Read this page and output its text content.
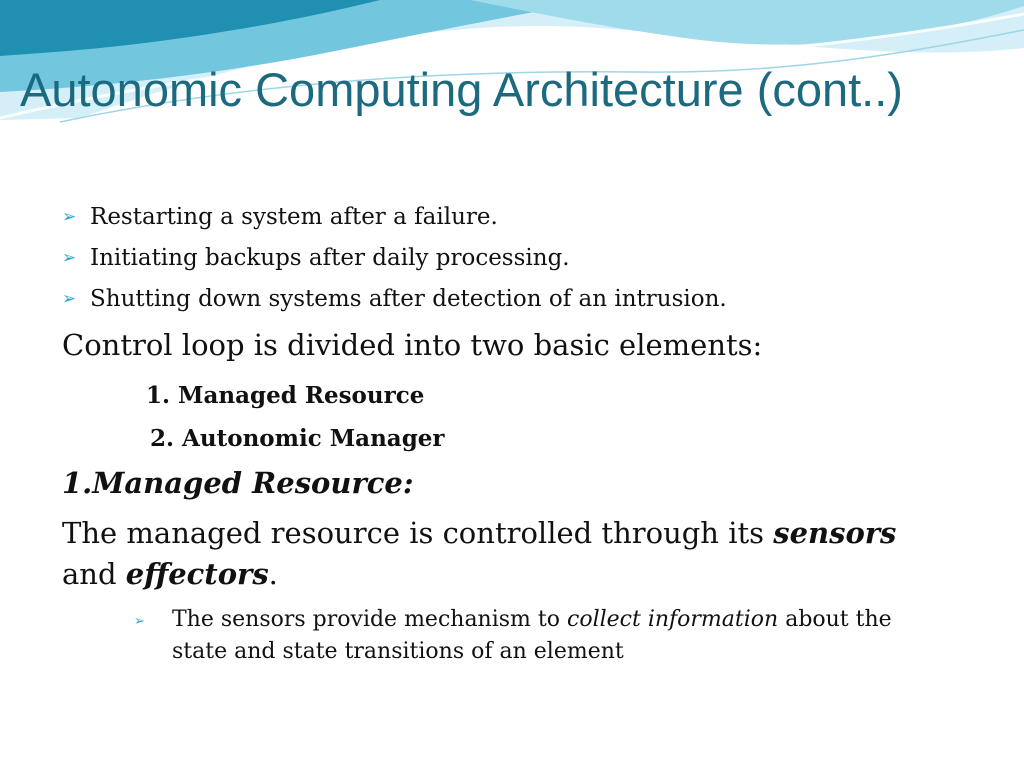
Autonomic Computing Architecture (cont..)
➢ Restarting a system after a failure.
➢ Initiating backups after daily processing.
➢ Shutting down systems after detection of an intrusion.
Control loop is divided into two basic elements:
1. Managed Resource
2. Autonomic Manager
1.Managed Resource:
The managed resource is controlled through its sensors
and effectors.
➢ The sensors provide mechanism to collect information about the state and state transitions of an element
